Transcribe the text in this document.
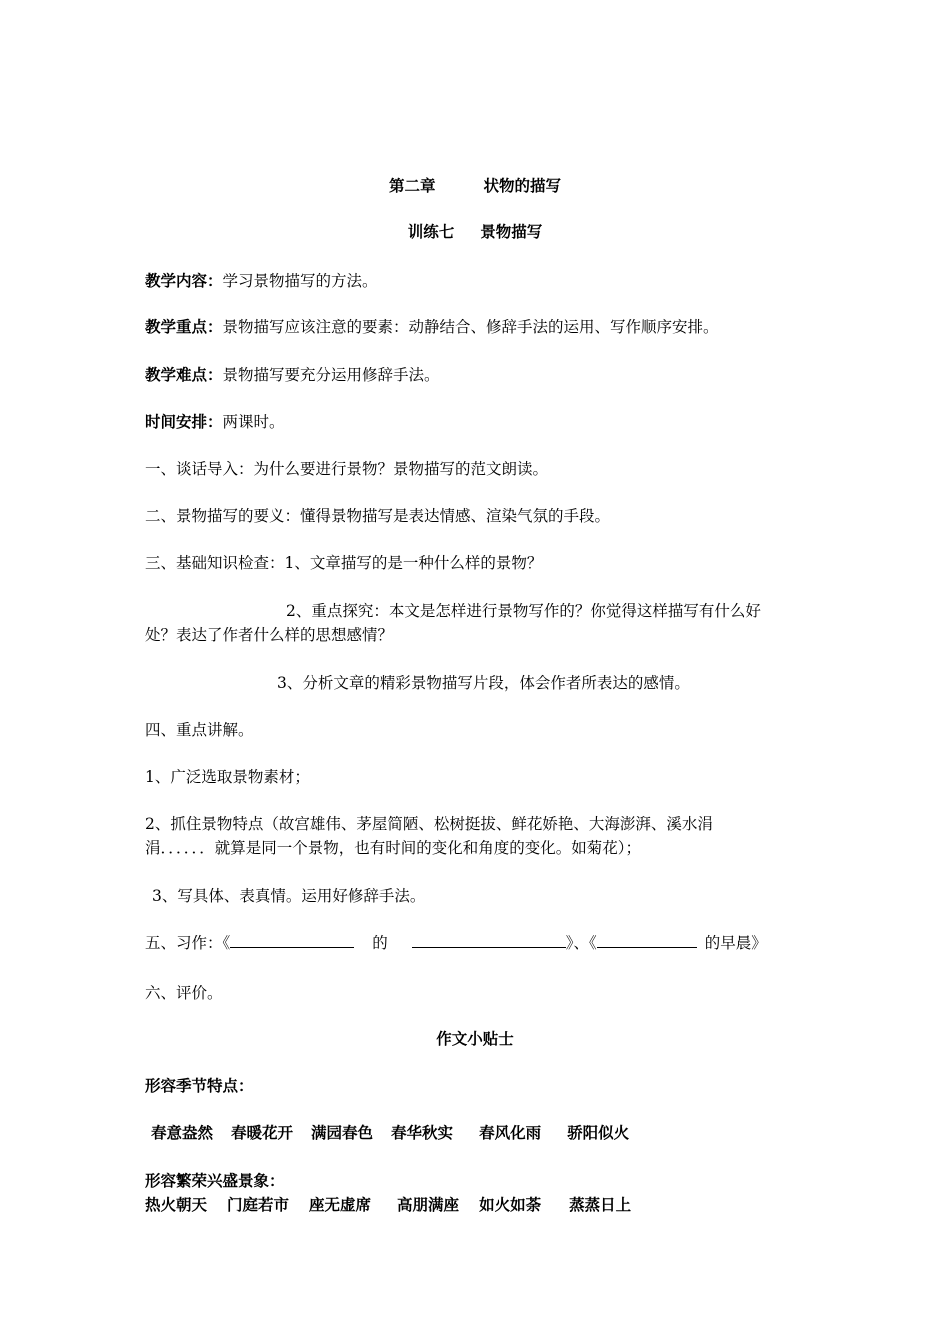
第二章	状物的描写
训练七 景物描写
教学内容：学习景物描写的方法。
教学重点：景物描写应该注意的要素：动静结合、修辞手法的运用、写作顺序安排。
教学难点：景物描写要充分运用修辞手法。
时间安排：两课时。
一、谈话导入：为什么要进行景物？景物描写的范文朗读。
二、景物描写的要义：懂得景物描写是表达情感、渲染气氛的手段。
三、基础知识检查：1、文章描写的是一种什么样的景物？
2、重点探究：本文是怎样进行景物写作的？你觉得这样描写有什么好
处？表达了作者什么样的思想感情？
3、分析文章的精彩景物描写片段，体会作者所表达的感情。
四、重点讲解。
1、广泛选取景物素材；
2、抓住景物特点（故宫雄伟、茅屋简陋、松树挺拔、鲜花娇艳、大海澎湃、溪水涓
涓．．．．．．就算是同一个景物，也有时间的变化和角度的变化。如菊花）；
3、写具体、表真情。运用好修辞手法。
五、习作：《	的	》、《	的早晨》
六、评价。
作文小贴士
形容季节特点：
春意盎然 春暖花开 满园春色 春华秋实 春风化雨 骄阳似火
形容繁荣兴盛景象：
热火朝天 门庭若市 座无虚席 高朋满座 如火如荼 蒸蒸日上
